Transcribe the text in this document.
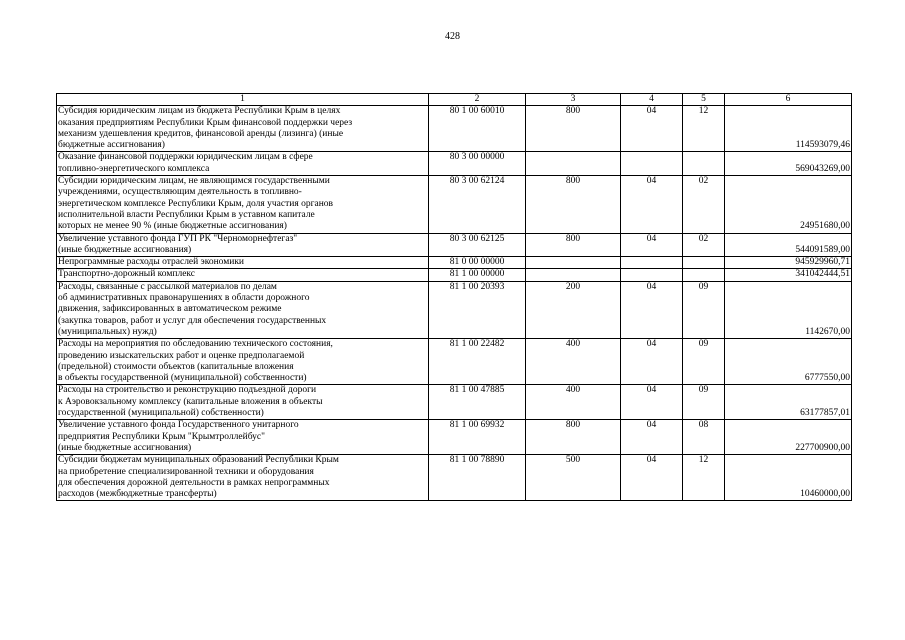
428
1	2	3	4	5	6
Субсидия юридическим лицам из бюджета Республики Крым в целях
оказания предприятиям Республики Крым финансовой поддержки через
механизм удешевления кредитов, финансовой аренды (лизинга) (иные
бюджетные ассигнования)	80 1 00 60010	800	04	12	114593079,46
Оказание финансовой поддержки юридическим лицам в сфере
топливно-энергетического комплекса	80 3 00 00000				569043269,00
Субсидии юридическим лицам, не являющимся государственными
учреждениями, осуществляющим деятельность в топливно-
энергетическом комплексе Республики Крым, доля участия органов
исполнительной власти Республики Крым в уставном капитале
которых не менее 90 % (иные бюджетные ассигнования)	80 3 00 62124	800	04	02	24951680,00
Увеличение уставного фонда ГУП РК "Черноморнефтегаз"
(иные бюджетные ассигнования)	80 3 00 62125	800	04	02	544091589,00
Непрограммные расходы отраслей экономики	81 0 00 00000				945929960,71
Транспортно-дорожный комплекс	81 1 00 00000				341042444,51
Расходы, связанные с рассылкой материалов по делам
об административных правонарушениях в области дорожного
движения, зафиксированных в автоматическом режиме
(закупка товаров, работ и услуг для обеспечения государственных
(муниципальных) нужд)	81 1 00 20393	200	04	09	1142670,00
Расходы на мероприятия по обследованию технического состояния,
проведению изыскательских работ и оценке предполагаемой
(предельной) стоимости объектов (капитальные вложения
в объекты государственной (муниципальной) собственности)	81 1 00 22482	400	04	09	6777550,00
Расходы на строительство и реконструкцию подъездной дороги
к Аэровокзальному комплексу (капитальные вложения в объекты
государственной (муниципальной) собственности)	81 1 00 47885	400	04	09	63177857,01
Увеличение уставного фонда Государственного унитарного
предприятия Республики Крым "Крымтроллейбус"
(иные бюджетные ассигнования)	81 1 00 69932	800	04	08	227700900,00
Субсидии бюджетам муниципальных образований Республики Крым
на приобретение специализированной техники и оборудования
для обеспечения дорожной деятельности в рамках непрограммных
расходов (межбюджетные трансферты)	81 1 00 78890	500	04	12	10460000,00
